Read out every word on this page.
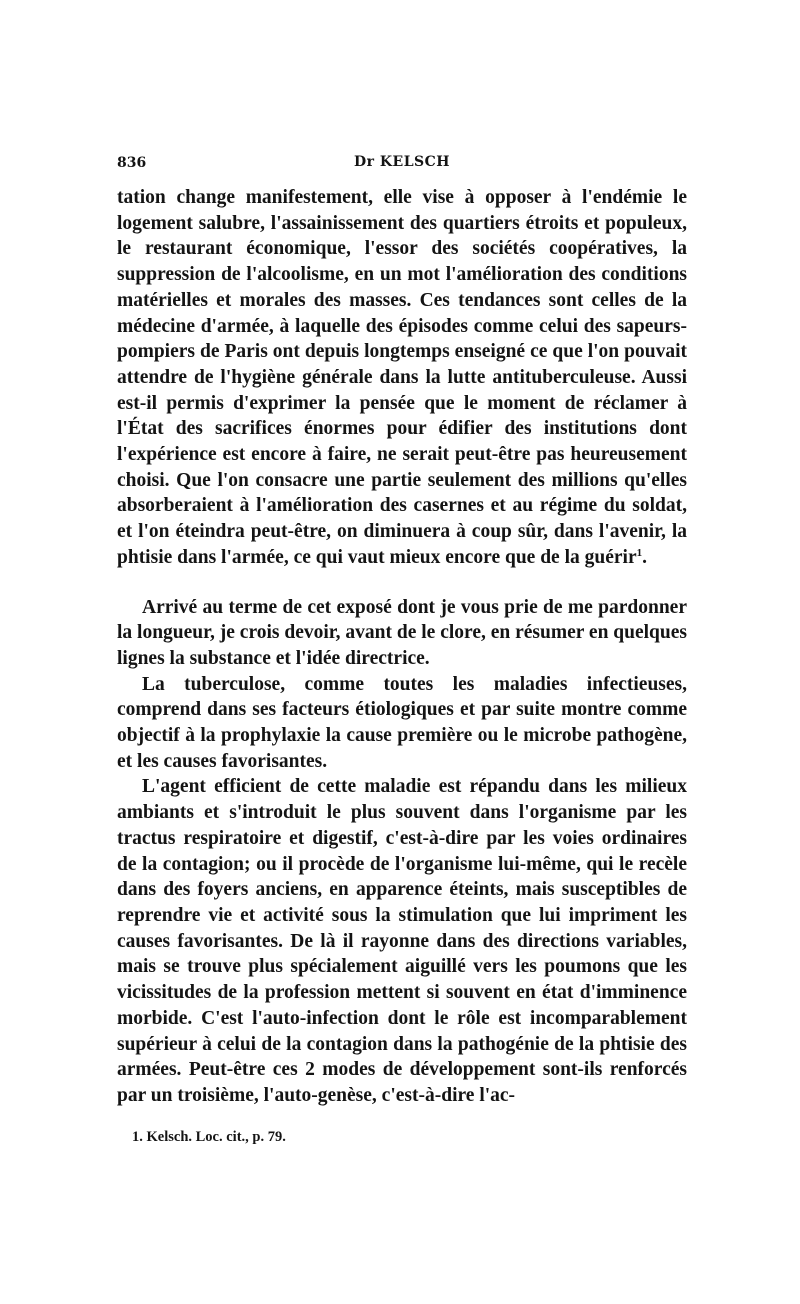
836	Dr KELSCH

tation change manifestement, elle vise à opposer à l'endémie le logement salubre, l'assainissement des quartiers étroits et populeux, le restaurant économique, l'essor des sociétés coopératives, la suppression de l'alcoolisme, en un mot l'amélioration des conditions matérielles et morales des masses. Ces tendances sont celles de la médecine d'armée, à laquelle des épisodes comme celui des sapeurs-pompiers de Paris ont depuis longtemps enseigné ce que l'on pouvait attendre de l'hygiène générale dans la lutte antituberculeuse. Aussi est-il permis d'exprimer la pensée que le moment de réclamer à l'État des sacrifices énormes pour édifier des institutions dont l'expérience est encore à faire, ne serait peut-être pas heureusement choisi. Que l'on consacre une partie seulement des millions qu'elles absorberaient à l'amélioration des casernes et au régime du soldat, et l'on éteindra peut-être, on diminuera à coup sûr, dans l'avenir, la phtisie dans l'armée, ce qui vaut mieux encore que de la guérir$^1$.

Arrivé au terme de cet exposé dont je vous prie de me pardonner la longueur, je crois devoir, avant de le clore, en résumer en quelques lignes la substance et l'idée directrice.

La tuberculose, comme toutes les maladies infectieuses, comprend dans ses facteurs étiologiques et par suite montre comme objectif à la prophylaxie la cause première ou le microbe pathogène, et les causes favorisantes.

L'agent efficient de cette maladie est répandu dans les milieux ambiants et s'introduit le plus souvent dans l'organisme par les tractus respiratoire et digestif, c'est-à-dire par les voies ordinaires de la contagion; ou il procède de l'organisme lui-même, qui le recèle dans des foyers anciens, en apparence éteints, mais susceptibles de reprendre vie et activité sous la stimulation que lui impriment les causes favorisantes. De là il rayonne dans des directions variables, mais se trouve plus spécialement aiguillé vers les poumons que les vicissitudes de la profession mettent si souvent en état d'imminence morbide. C'est l'auto-infection dont le rôle est incomparablement supérieur à celui de la contagion dans la pathogénie de la phtisie des armées. Peut-être ces 2 modes de développement sont-ils renforcés par un troisième, l'auto-genèse, c'est-à-dire l'ac-

1. Kelsch. Loc. cit., p. 79.
